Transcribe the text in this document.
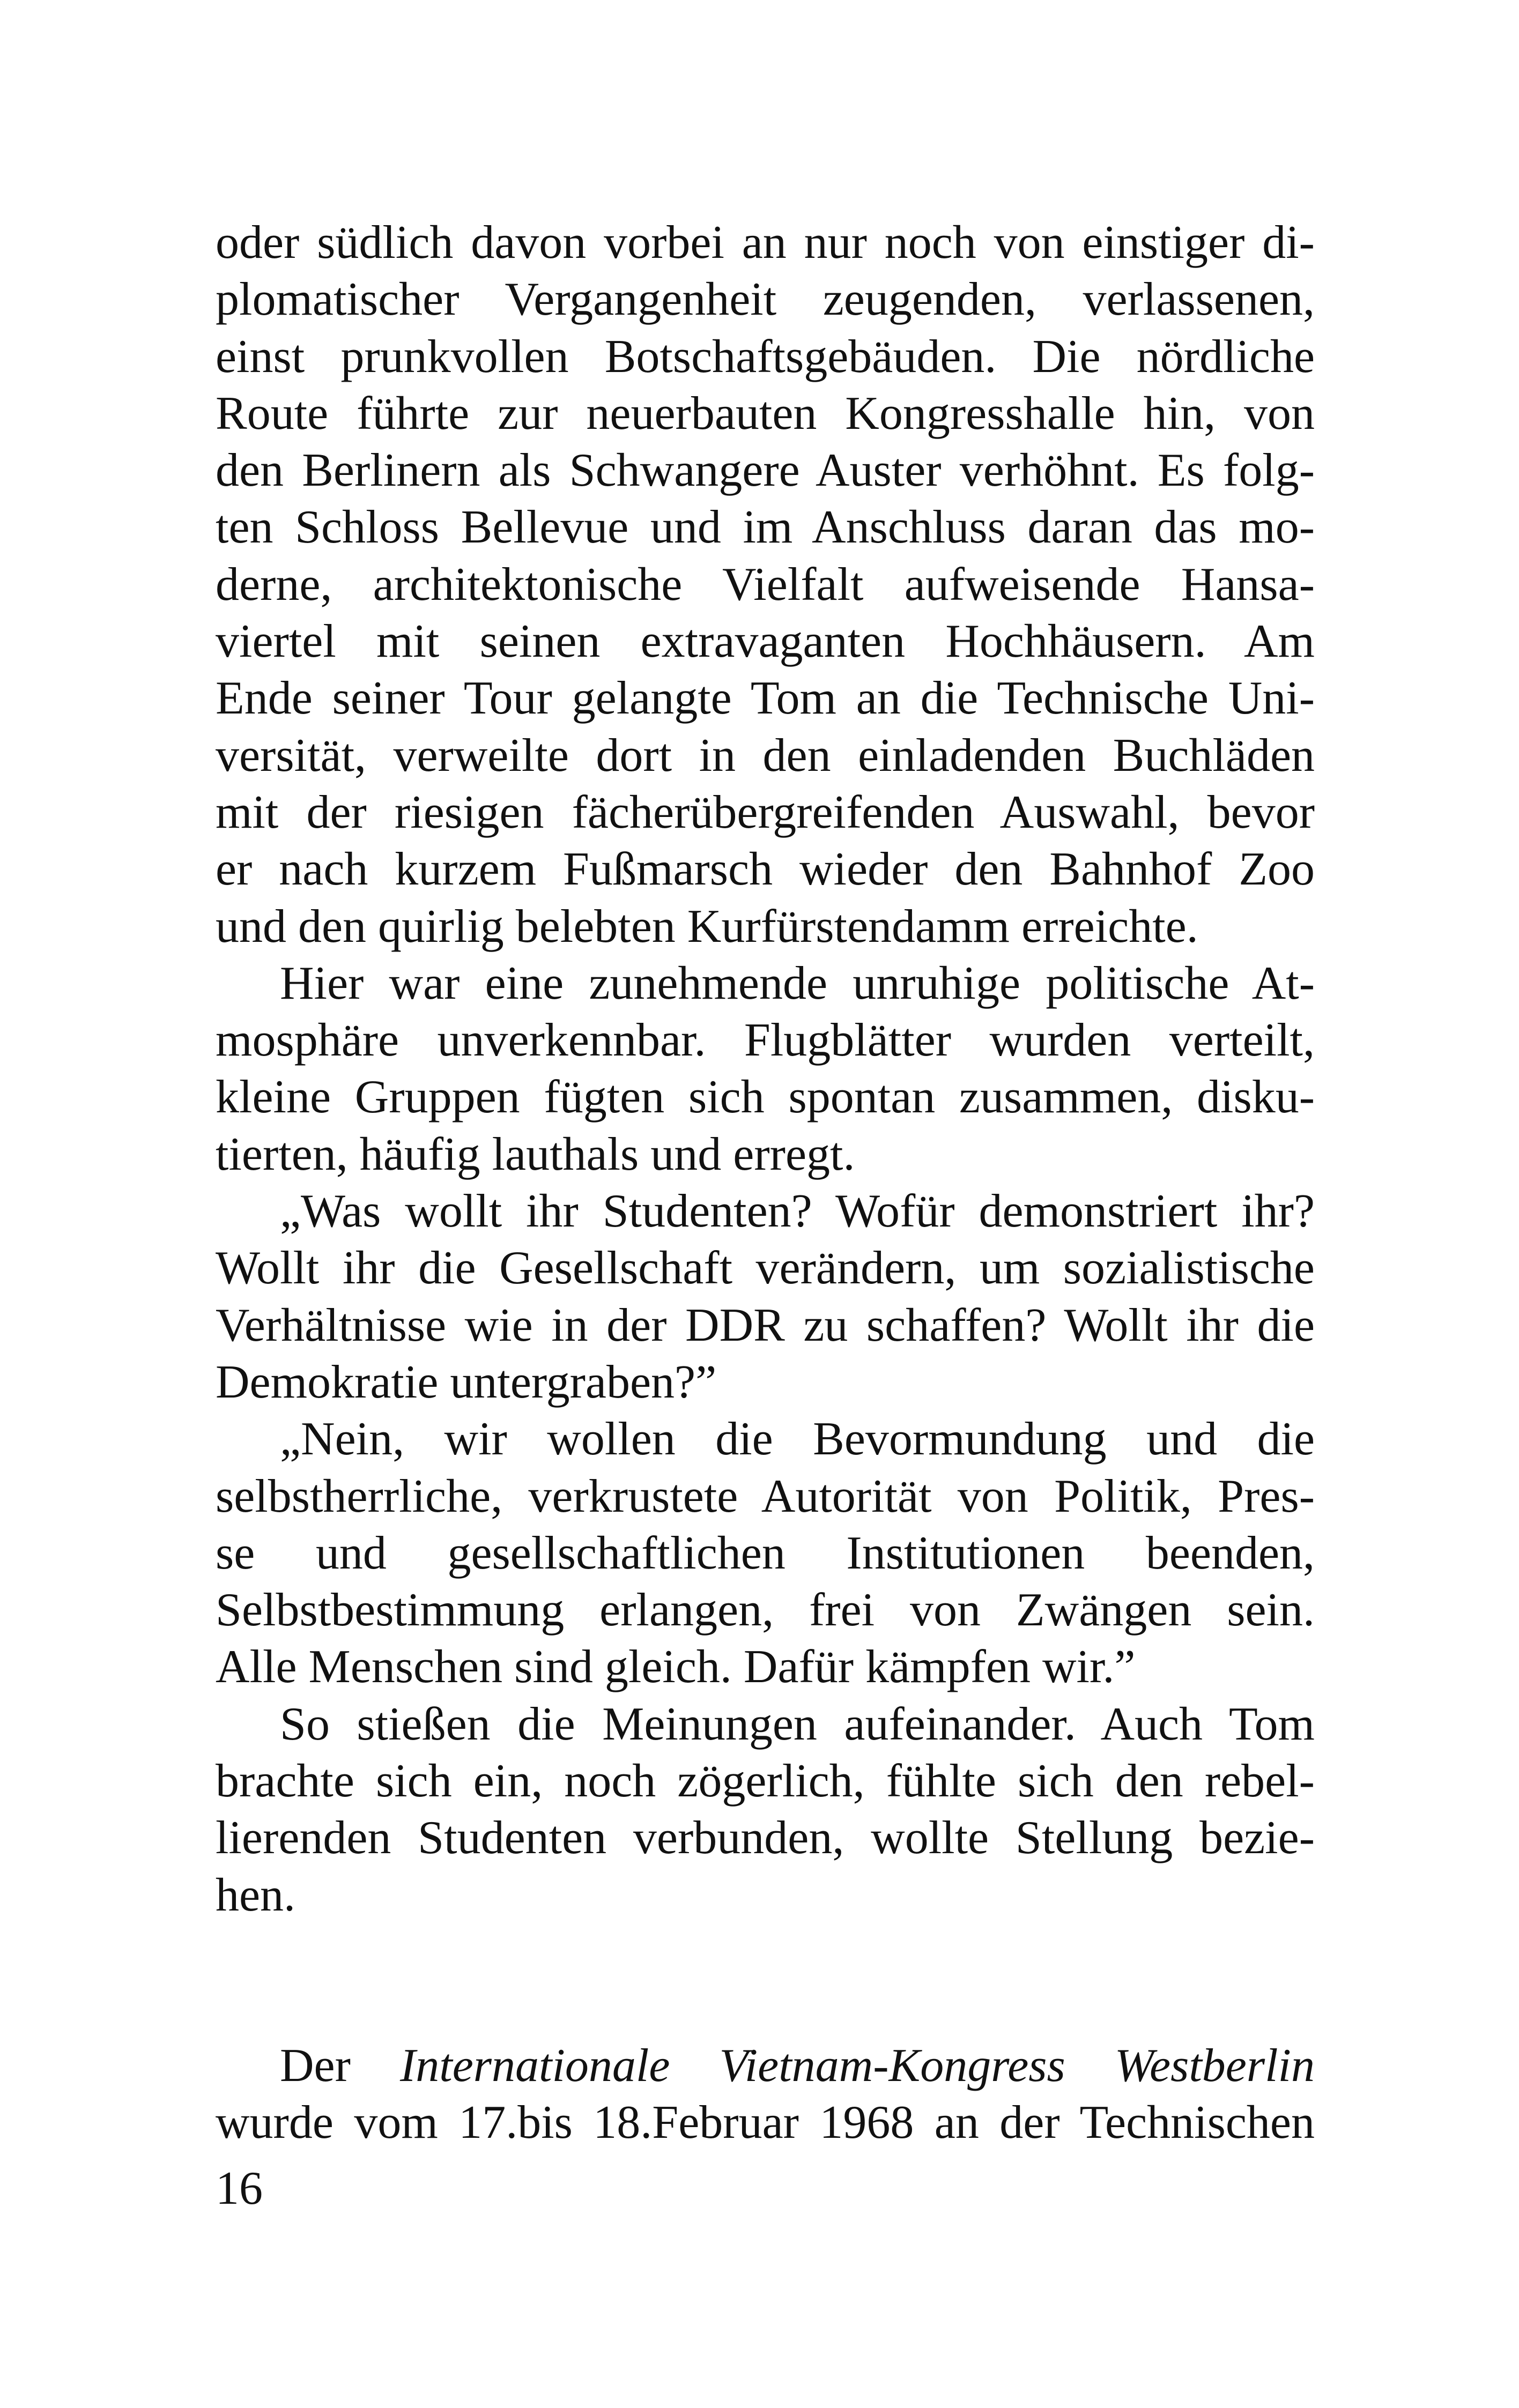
oder südlich davon vorbei an nur noch von einstiger di-
plomatischer Vergangenheit zeugenden, verlassenen,
einst prunkvollen Botschaftsgebäuden. Die nördliche
Route führte zur neuerbauten Kongresshalle hin, von
den Berlinern als Schwangere Auster verhöhnt. Es folg-
ten Schloss Bellevue und im Anschluss daran das mo-
derne, architektonische Vielfalt aufweisende Hansa-
viertel mit seinen extravaganten Hochhäusern. Am
Ende seiner Tour gelangte Tom an die Technische Uni-
versität, verweilte dort in den einladenden Buchläden
mit der riesigen fächerübergreifenden Auswahl, bevor
er nach kurzem Fußmarsch wieder den Bahnhof Zoo
und den quirlig belebten Kurfürstendamm erreichte.
Hier war eine zunehmende unruhige politische At-
mosphäre unverkennbar. Flugblätter wurden verteilt,
kleine Gruppen fügten sich spontan zusammen, disku-
tierten, häufig lauthals und erregt.
„Was wollt ihr Studenten? Wofür demonstriert ihr?
Wollt ihr die Gesellschaft verändern, um sozialistische
Verhältnisse wie in der DDR zu schaffen? Wollt ihr die
Demokratie untergraben?”
„Nein, wir wollen die Bevormundung und die
selbstherrliche, verkrustete Autorität von Politik, Pres-
se und gesellschaftlichen Institutionen beenden,
Selbstbestimmung erlangen, frei von Zwängen sein.
Alle Menschen sind gleich. Dafür kämpfen wir.”
So stießen die Meinungen aufeinander. Auch Tom
brachte sich ein, noch zögerlich, fühlte sich den rebel-
lierenden Studenten verbunden, wollte Stellung bezie-
hen.
Der Internationale Vietnam-Kongress Westberlin
wurde vom 17.bis 18.Februar 1968 an der Technischen
16
